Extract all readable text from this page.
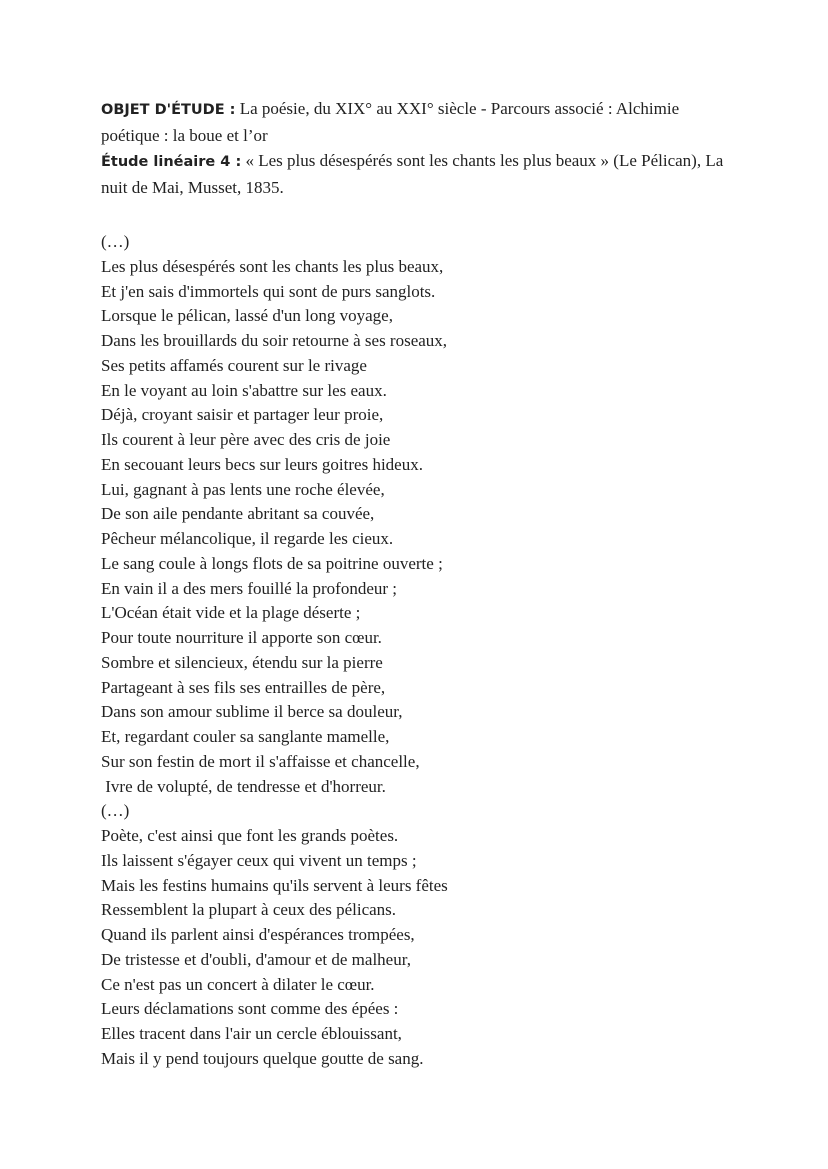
OBJET D'ÉTUDE : La poésie, du XIX° au XXI° siècle - Parcours associé : Alchimie poétique : la boue et l’or

Étude linéaire 4 : « Les plus désespérés sont les chants les plus beaux » (Le Pélican), La nuit de Mai, Musset, 1835.

(…)
Les plus désespérés sont les chants les plus beaux,
Et j'en sais d'immortels qui sont de purs sanglots.
Lorsque le pélican, lassé d'un long voyage,
Dans les brouillards du soir retourne à ses roseaux,
Ses petits affamés courent sur le rivage
En le voyant au loin s'abattre sur les eaux.
Déjà, croyant saisir et partager leur proie,
Ils courent à leur père avec des cris de joie
En secouant leurs becs sur leurs goitres hideux.
Lui, gagnant à pas lents une roche élevée,
De son aile pendante abritant sa couvée,
Pêcheur mélancolique, il regarde les cieux.
Le sang coule à longs flots de sa poitrine ouverte ;
En vain il a des mers fouillé la profondeur ;
L'Océan était vide et la plage déserte ;
Pour toute nourriture il apporte son cœur.
Sombre et silencieux, étendu sur la pierre
Partageant à ses fils ses entrailles de père,
Dans son amour sublime il berce sa douleur,
Et, regardant couler sa sanglante mamelle,
Sur son festin de mort il s'affaisse et chancelle,
Ivre de volupté, de tendresse et d'horreur.
(…)
Poète, c'est ainsi que font les grands poètes.
Ils laissent s'égayer ceux qui vivent un temps ;
Mais les festins humains qu'ils servent à leurs fêtes
Ressemblent la plupart à ceux des pélicans.
Quand ils parlent ainsi d'espérances trompées,
De tristesse et d'oubli, d'amour et de malheur,
Ce n'est pas un concert à dilater le cœur.
Leurs déclamations sont comme des épées :
Elles tracent dans l'air un cercle éblouissant,
Mais il y pend toujours quelque goutte de sang.
